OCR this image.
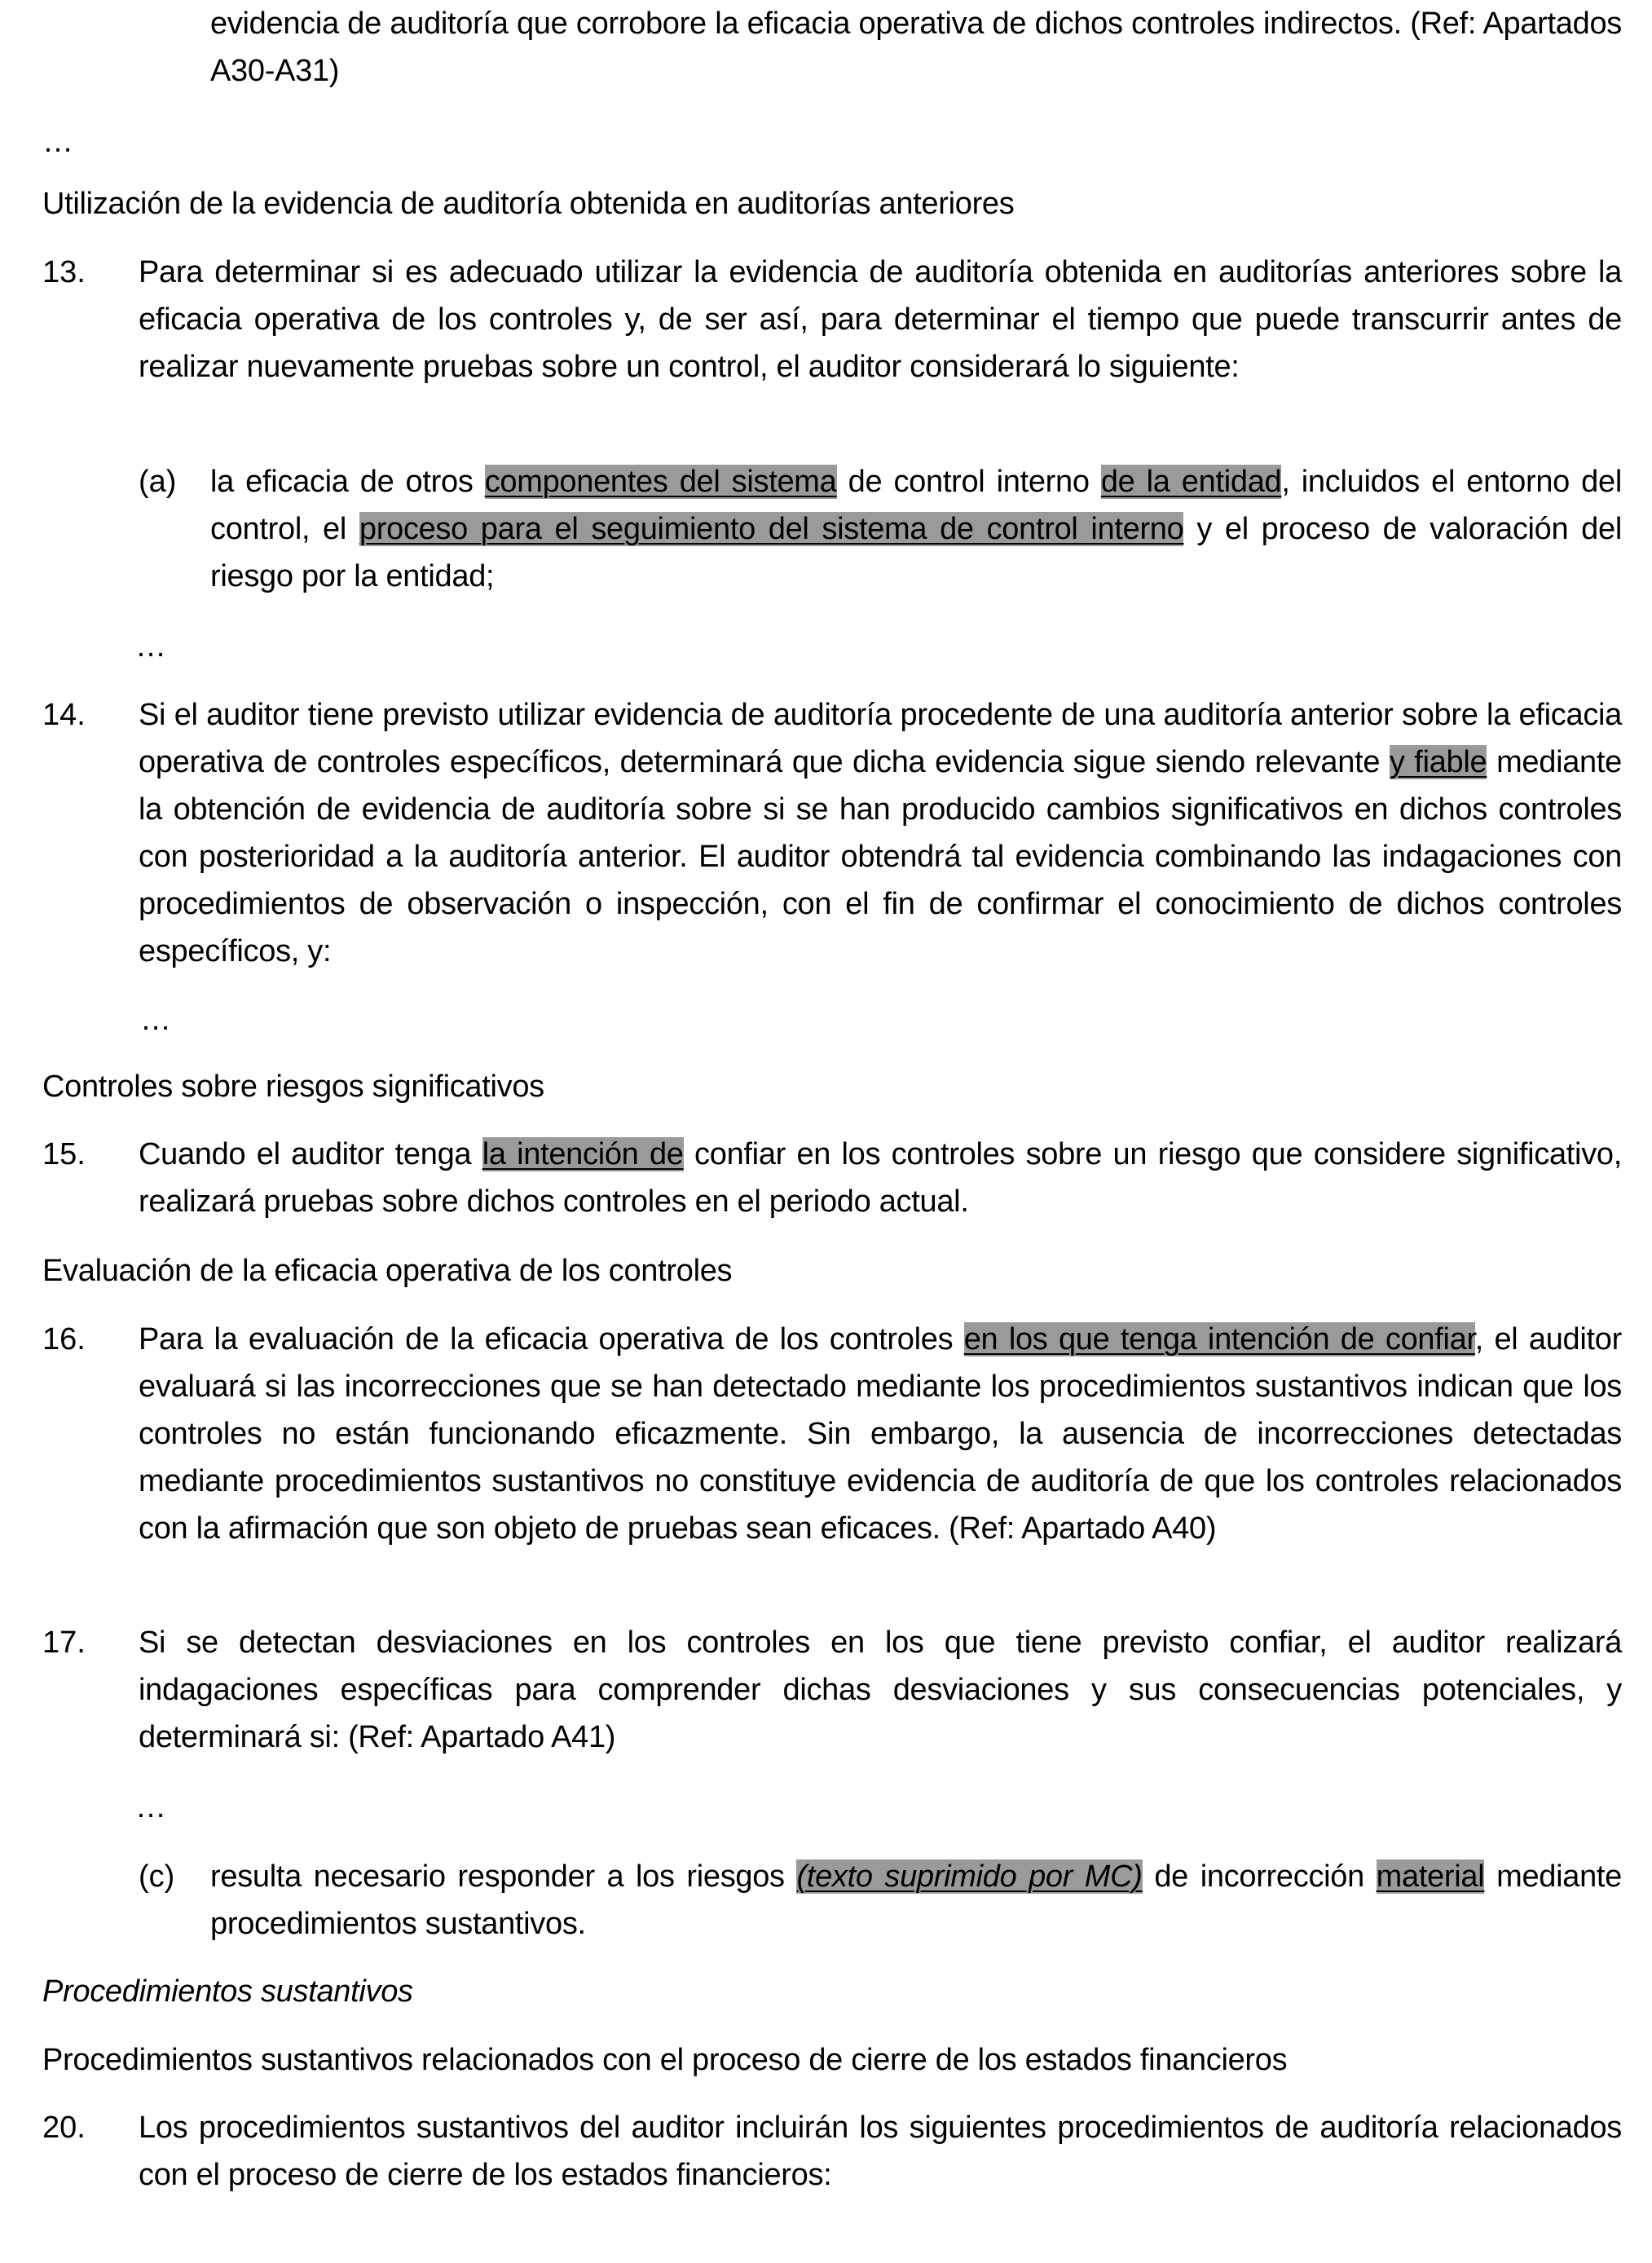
evidencia de auditoría que corrobore la eficacia operativa de dichos controles indirectos. (Ref: Apartados A30-A31)

…

Utilización de la evidencia de auditoría obtenida en auditorías anteriores

13. Para determinar si es adecuado utilizar la evidencia de auditoría obtenida en auditorías anteriores sobre la eficacia operativa de los controles y, de ser así, para determinar el tiempo que puede transcurrir antes de realizar nuevamente pruebas sobre un control, el auditor considerará lo siguiente:

(a) la eficacia de otros componentes del sistema de control interno de la entidad, incluidos el entorno del control, el proceso para el seguimiento del sistema de control interno y el proceso de valoración del riesgo por la entidad;

…

14. Si el auditor tiene previsto utilizar evidencia de auditoría procedente de una auditoría anterior sobre la eficacia operativa de controles específicos, determinará que dicha evidencia sigue siendo relevante y fiable mediante la obtención de evidencia de auditoría sobre si se han producido cambios significativos en dichos controles con posterioridad a la auditoría anterior. El auditor obtendrá tal evidencia combinando las indagaciones con procedimientos de observación o inspección, con el fin de confirmar el conocimiento de dichos controles específicos, y:

…

Controles sobre riesgos significativos

15. Cuando el auditor tenga la intención de confiar en los controles sobre un riesgo que considere significativo, realizará pruebas sobre dichos controles en el periodo actual.

Evaluación de la eficacia operativa de los controles

16. Para la evaluación de la eficacia operativa de los controles en los que tenga intención de confiar, el auditor evaluará si las incorrecciones que se han detectado mediante los procedimientos sustantivos indican que los controles no están funcionando eficazmente. Sin embargo, la ausencia de incorrecciones detectadas mediante procedimientos sustantivos no constituye evidencia de auditoría de que los controles relacionados con la afirmación que son objeto de pruebas sean eficaces. (Ref: Apartado A40)

17. Si se detectan desviaciones en los controles en los que tiene previsto confiar, el auditor realizará indagaciones específicas para comprender dichas desviaciones y sus consecuencias potenciales, y determinará si: (Ref: Apartado A41)

…

(c) resulta necesario responder a los riesgos (texto suprimido por MC) de incorrección material mediante procedimientos sustantivos.

Procedimientos sustantivos

Procedimientos sustantivos relacionados con el proceso de cierre de los estados financieros

20. Los procedimientos sustantivos del auditor incluirán los siguientes procedimientos de auditoría relacionados con el proceso de cierre de los estados financieros:
